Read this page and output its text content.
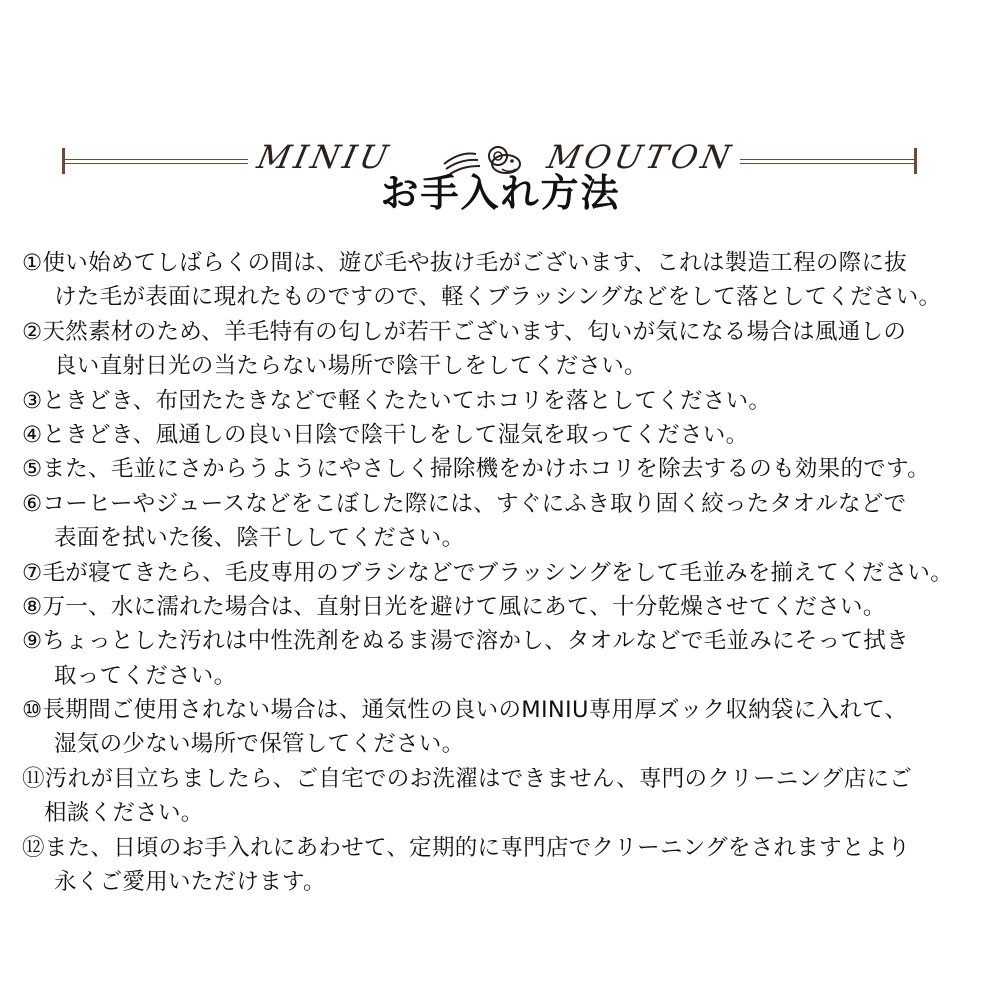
MINIU	MOUTON
お手入れ方法
①使い始めてしばらくの間は、遊び毛や抜け毛がございます、これは製造工程の際に抜
けた毛が表面に現れたものですので、軽くブラッシングなどをして落としてください。
②天然素材のため、羊毛特有の匂しが若干ございます、匂いが気になる場合は風通しの
良い直射日光の当たらない場所で陰干しをしてください。
③ときどき、布団たたきなどで軽くたたいてホコリを落としてください。
④ときどき、風通しの良い日陰で陰干しをして湿気を取ってください。
⑤また、毛並にさからうようにやさしく掃除機をかけホコリを除去するのも効果的です。
⑥コーヒーやジュースなどをこぼした際には、すぐにふき取り固く絞ったタオルなどで
表面を拭いた後、陰干ししてください。
⑦毛が寝てきたら、毛皮専用のブラシなどでブラッシングをして毛並みを揃えてください。
⑧万一、水に濡れた場合は、直射日光を避けて風にあて、十分乾燥させてください。
⑨ちょっとした汚れは中性洗剤をぬるま湯で溶かし、タオルなどで毛並みにそって拭き
取ってください。
⑩長期間ご使用されない場合は、通気性の良いのMINIU専用厚ズック収納袋に入れて、
湿気の少ない場所で保管してください。
⑪汚れが目立ちましたら、ご自宅でのお洗濯はできません、専門のクリーニング店にご
相談ください。
⑫また、日頃のお手入れにあわせて、定期的に専門店でクリーニングをされますとより
永くご愛用いただけます。
